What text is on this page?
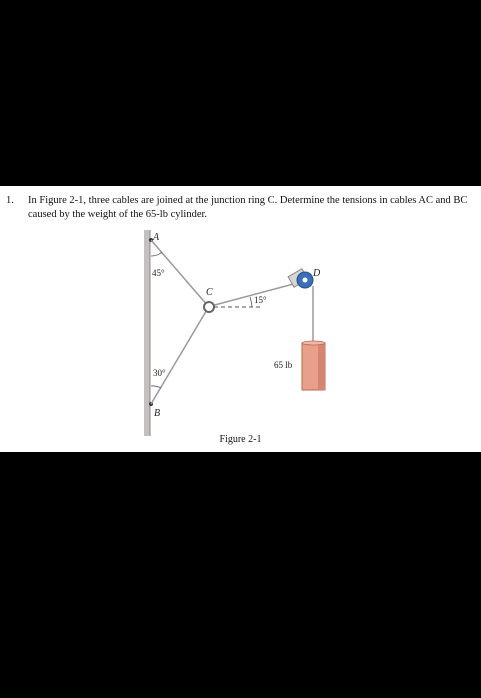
1. In Figure 2-1, three cables are joined at the junction ring C. Determine the tensions in cables AC and BC caused by the weight of the 65-lb cylinder.
A
B
C
D
45°
30°
15°
65 lb
Figure 2-1
